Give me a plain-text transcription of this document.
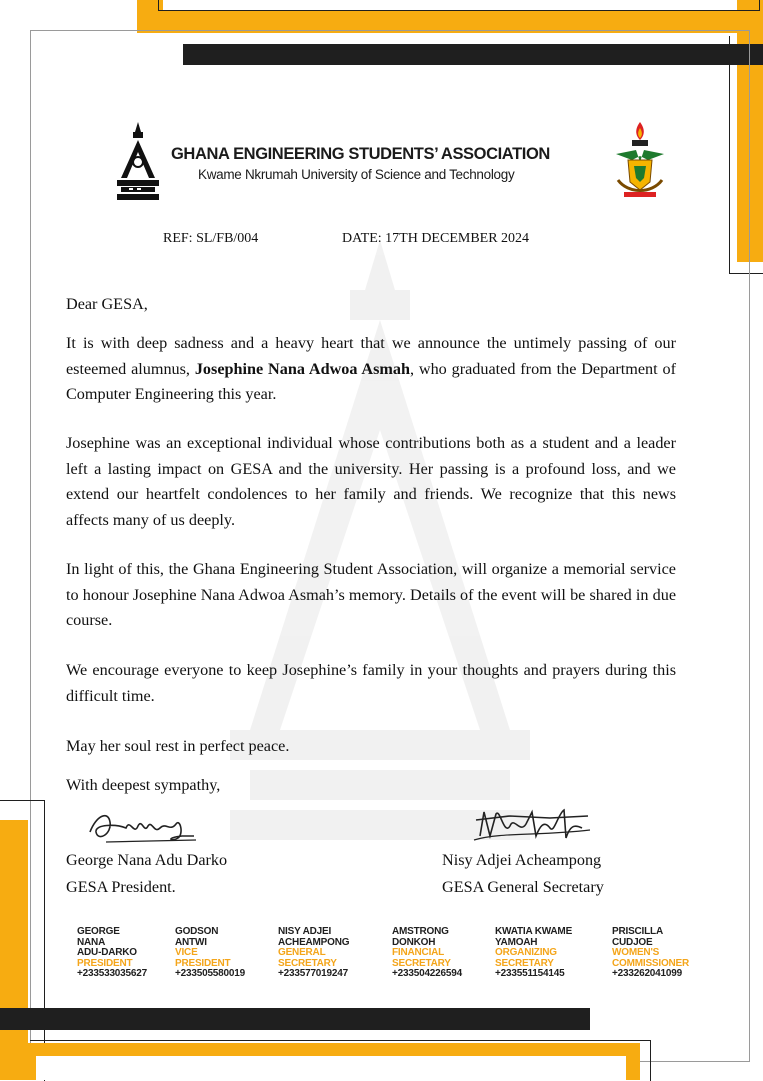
GHANA ENGINEERING STUDENTS’ ASSOCIATION
Kwame Nkrumah University of Science and Technology
REF: SL/FB/004	DATE: 17TH DECEMBER 2024
Dear GESA,

It is with deep sadness and a heavy heart that we announce the untimely passing of our esteemed alumnus, Josephine Nana Adwoa Asmah, who graduated from the Department of Computer Engineering this year.

Josephine was an exceptional individual whose contributions both as a student and a leader left a lasting impact on GESA and the university. Her passing is a profound loss, and we extend our heartfelt condolences to her family and friends. We recognize that this news affects many of us deeply.

In light of this, the Ghana Engineering Student Association, will organize a memorial service to honour Josephine Nana Adwoa Asmah’s memory. Details of the event will be shared in due course.

We encourage everyone to keep Josephine’s family in your thoughts and prayers during this difficult time.

May her soul rest in perfect peace.

With deepest sympathy,
George Nana Adu Darko
GESA President.
Nisy Adjei Acheampong
GESA General Secretary
GEORGE
NANA
ADU-DARKO
PRESIDENT
+233533035627
GODSON
ANTWI
VICE
PRESIDENT
+233505580019
NISY ADJEI
ACHEAMPONG
GENERAL
SECRETARY
+233577019247
AMSTRONG
DONKOH
FINANCIAL
SECRETARY
+233504226594
KWATIA KWAME
YAMOAH
ORGANIZING
SECRETARY
+233551154145
PRISCILLA
CUDJOE
WOMEN'S
COMMISSIONER
+233262041099
